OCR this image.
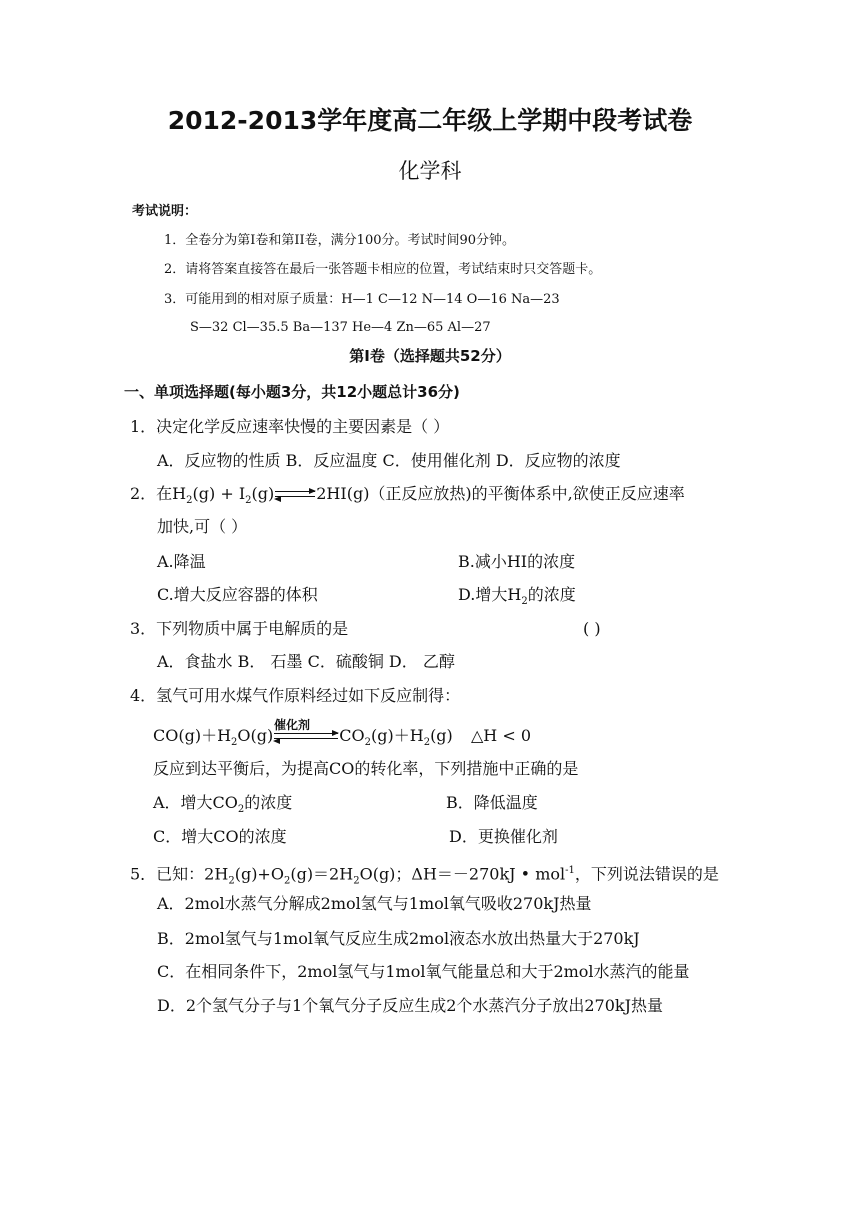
2012-2013学年度高二年级上学期中段考试卷
化学科
考试说明：
1．全卷分为第Ⅰ卷和第II卷，满分100分。考试时间90分钟。
2．请将答案直接答在最后一张答题卡相应的位置，考试结束时只交答题卡。
3．可能用到的相对原子质量：H—1 C—12 N—14 O—16 Na—23
S—32 Cl—35.5 Ba—137 He—4 Zn—65 Al—27
第Ⅰ卷（选择题共52分）
一、单项选择题(每小题3分，共12小题总计36分)
1．决定化学反应速率快慢的主要因素是（ ）
A．反应物的性质 B．反应温度 C．使用催化剂 D．反应物的浓度
2．在$H_2(g)$ + $I_2(g)\rightleftharpoons 2HI(g)$（正反应放热)的平衡体系中,欲使正反应速率
加快,可（ ）
A.降温	B.减小HI的浓度
C.增大反应容器的体积	D.增大$H_2$的浓度
3．下列物质中属于电解质的是	( )
A．食盐水 B． 石墨 C．硫酸铜 D． 乙醇
4．氢气可用水煤气作原料经过如下反应制得：
催化剂
$CO(g)+H_2O(g)\rightleftharpoons CO_2(g)+H_2(g)$ △H < 0
反应到达平衡后，为提高CO的转化率，下列措施中正确的是
A．增大$CO_2$的浓度	B．降低温度
C．增大CO的浓度	D．更换催化剂
5．已知：$2H_2(g)+O_2(g)=2H_2O(g)$；ΔH＝－270kJ • mol$^{-1}$，下列说法错误的是
A．2mol水蒸气分解成2mol氢气与1mol氧气吸收270kJ热量
B．2mol氢气与1mol氧气反应生成2mol液态水放出热量大于270kJ
C．在相同条件下，2mol氢气与1mol氧气能量总和大于2mol水蒸汽的能量
D．2个氢气分子与1个氧气分子反应生成2个水蒸汽分子放出270kJ热量
